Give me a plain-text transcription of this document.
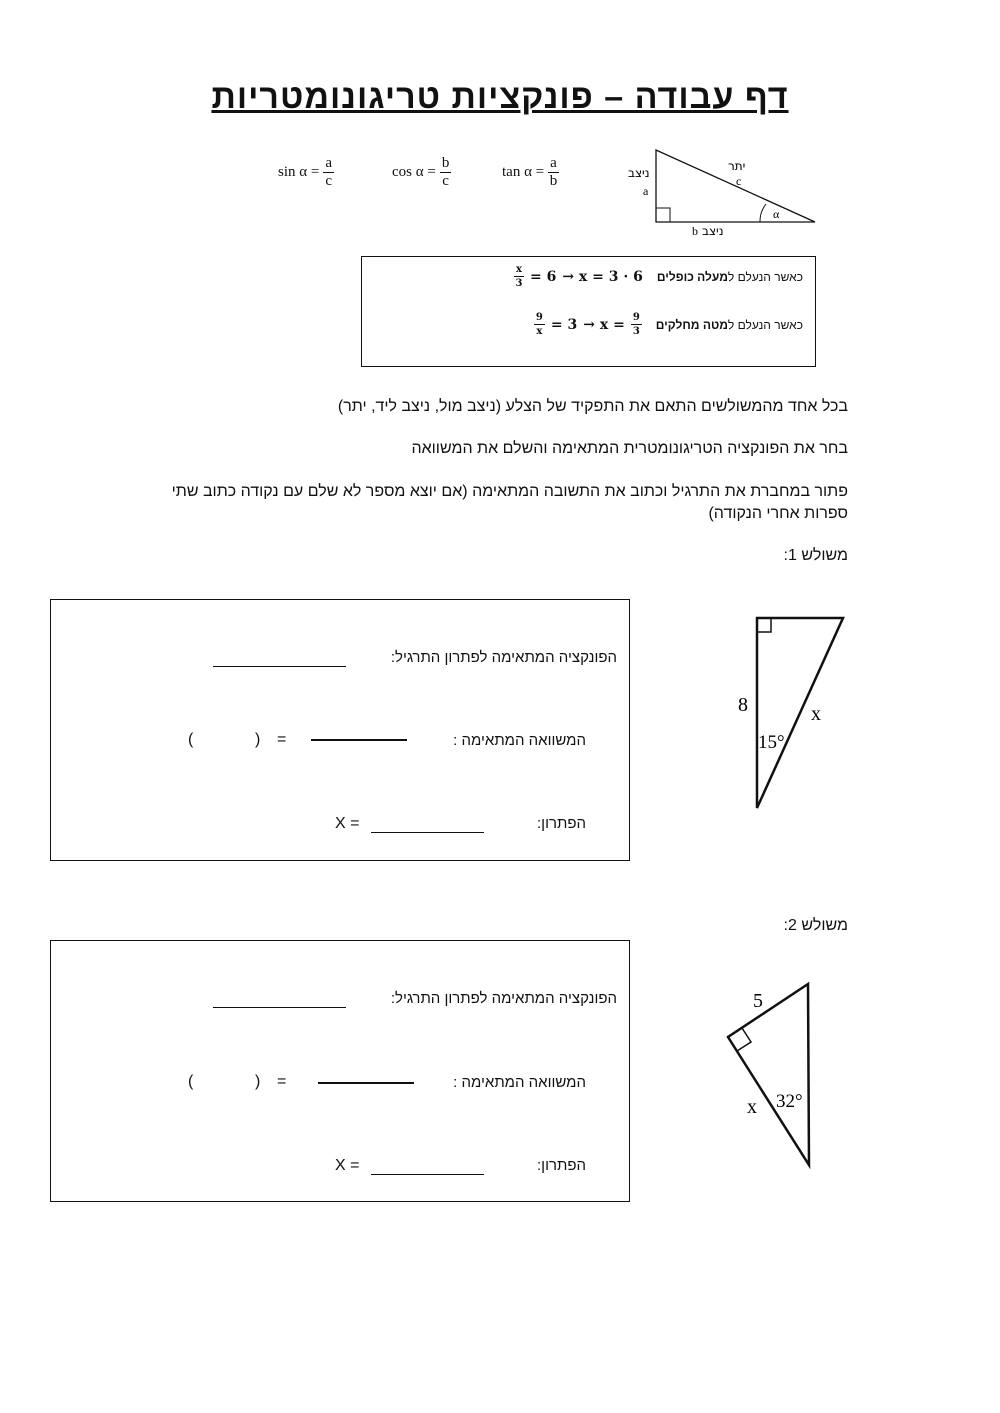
דף עבודה – פונקציות טריגונומטריות
$\sin \alpha = \frac{a}{c}$	$\cos \alpha = \frac{b}{c}$	$\tan \alpha = \frac{a}{b}$	יתר
c
ניצב
a
b ניצב
α
כאשר הנעלם למעלה כופלים
$\frac{x}{3} = 6 \to x = 3 \cdot 6$
כאשר הנעלם למטה מחלקים
$\frac{9}{x} = 3 \to x = \frac{9}{3}$
בכל אחד מהמשולשים התאם את התפקיד של הצלע (ניצב מול, ניצב ליד, יתר)
בחר את הפונקציה הטריגונומטרית המתאימה והשלם את המשוואה
פתור במחברת את התרגיל וכתוב את התשובה המתאימה (אם יוצא מספר לא שלם עם נקודה כתוב שתי ספרות אחרי הנקודה)
משולש 1:
הפונקציה המתאימה לפתרון התרגיל:
המשוואה המתאימה :
=
)
(
הפתרון:
X =
8	x
15°
משולש 2:
הפונקציה המתאימה לפתרון התרגיל:
המשוואה המתאימה :
=
)
(
הפתרון:
X =
5
x 32°
